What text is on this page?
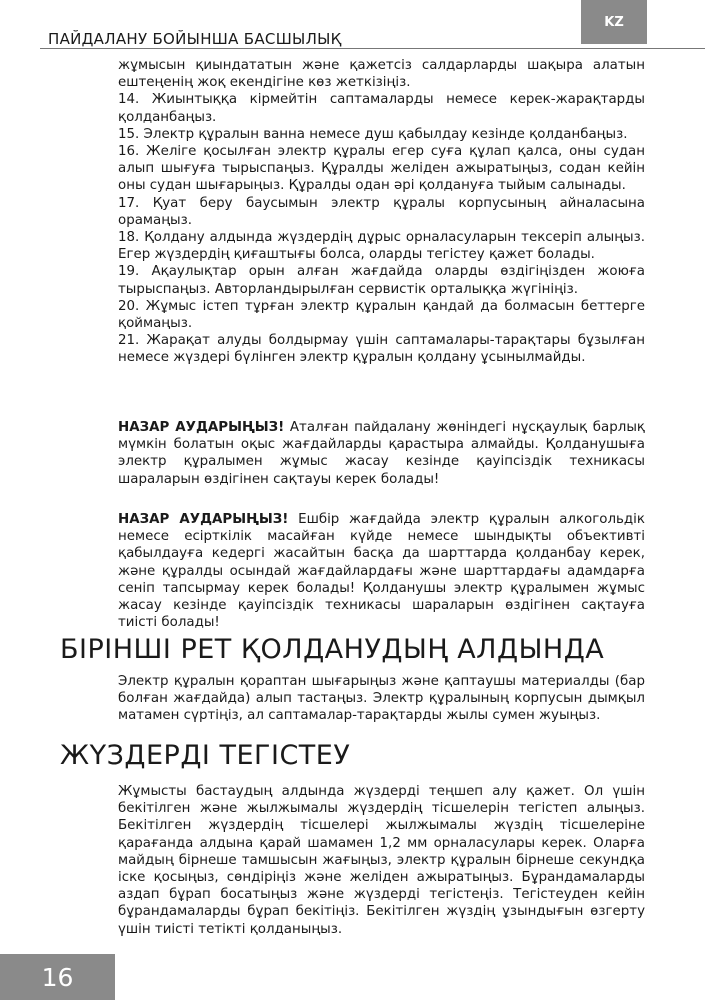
ПАЙДАЛАНУ БОЙЫНША БАСШЫЛЫҚ
KZ

жұмысын қиындататын және қажетсіз салдарларды шақыра алатын ештеңенің жоқ екендігіне көз жеткізіңіз.

14. Жиынтыққа кірмейтін саптамаларды немесе керек-жарақтарды қолданбаңыз.

15. Электр құралын ванна немесе душ қабылдау кезінде қолданбаңыз.

16. Желіге қосылған электр құралы егер суға құлап қалса, оны судан алып шығуға тырыспаңыз. Құралды желіден ажыратыңыз, содан кейін оны судан шығарыңыз. Құралды одан әрі қолдануға тыйым салынады.

17. Қуат беру баусымын электр құралы корпусының айналасына орамаңыз.

18. Қолдану алдында жүздердің дұрыс орналасуларын тексеріп алыңыз. Егер жүздердің қиғаштығы болса, оларды тегістеу қажет болады.

19. Ақаулықтар орын алған жағдайда оларды өздігіңізден жоюға тырыспаңыз. Авторландырылған сервистік орталыққа жүгініңіз.

20. Жұмыс істеп тұрған электр құралын қандай да болмасын беттерге қоймаңыз.

21. Жарақат алуды болдырмау үшін саптамалары-тарақтары бұзылған немесе жүздері бүлінген электр құралын қолдану ұсынылмайды.

НАЗАР АУДАРЫҢЫЗ! Аталған пайдалану жөніндегі нұсқаулық барлық мүмкін болатын оқыс жағдайларды қарастыра алмайды. Қолданушыға электр құралымен жұмыс жасау кезінде қауіпсіздік техникасы шараларын өздігінен сақтауы керек болады!

НАЗАР АУДАРЫҢЫЗ! Ешбір жағдайда электр құралын алкогольдік немесе есірткілік масайған күйде немесе шындықты объективті қабылдауға кедергі жасайтын басқа да шарттарда қолданбау керек, және құралды осындай жағдайлардағы және шарттардағы адамдарға сеніп тапсырмау керек болады! Қолданушы электр құралымен жұмыс жасау кезінде қауіпсіздік техникасы шараларын өздігінен сақтауға тиісті болады!

БІРІНШІ РЕТ ҚОЛДАНУДЫҢ АЛДЫНДА

Электр құралын қораптан шығарыңыз және қаптаушы материалды (бар болған жағдайда) алып тастаңыз. Электр құралының корпусын дымқыл матамен сүртіңіз, ал саптамалар-тарақтарды жылы сумен жуыңыз.

ЖҮЗДЕРДІ ТЕГІСТЕУ

Жұмысты бастаудың алдында жүздерді теңшеп алу қажет. Ол үшін бекітілген және жылжымалы жүздердің тісшелерін тегістеп алыңыз. Бекітілген жүздердің тісшелері жылжымалы жүздің тісшелеріне қарағанда алдына қарай шамамен 1,2 мм орналасулары керек. Оларға майдың бірнеше тамшысын жағыңыз, электр құралын бірнеше секундқа іске қосыңыз, сөндіріңіз және желіден ажыратыңыз. Бұрандамаларды аздап бұрап босатыңыз және жүздерді тегістеңіз. Тегістеуден кейін бұрандамаларды бұрап бекітіңіз. Бекітілген жүздің ұзындығын өзгерту үшін тиісті тетікті қолданыңыз.

16
